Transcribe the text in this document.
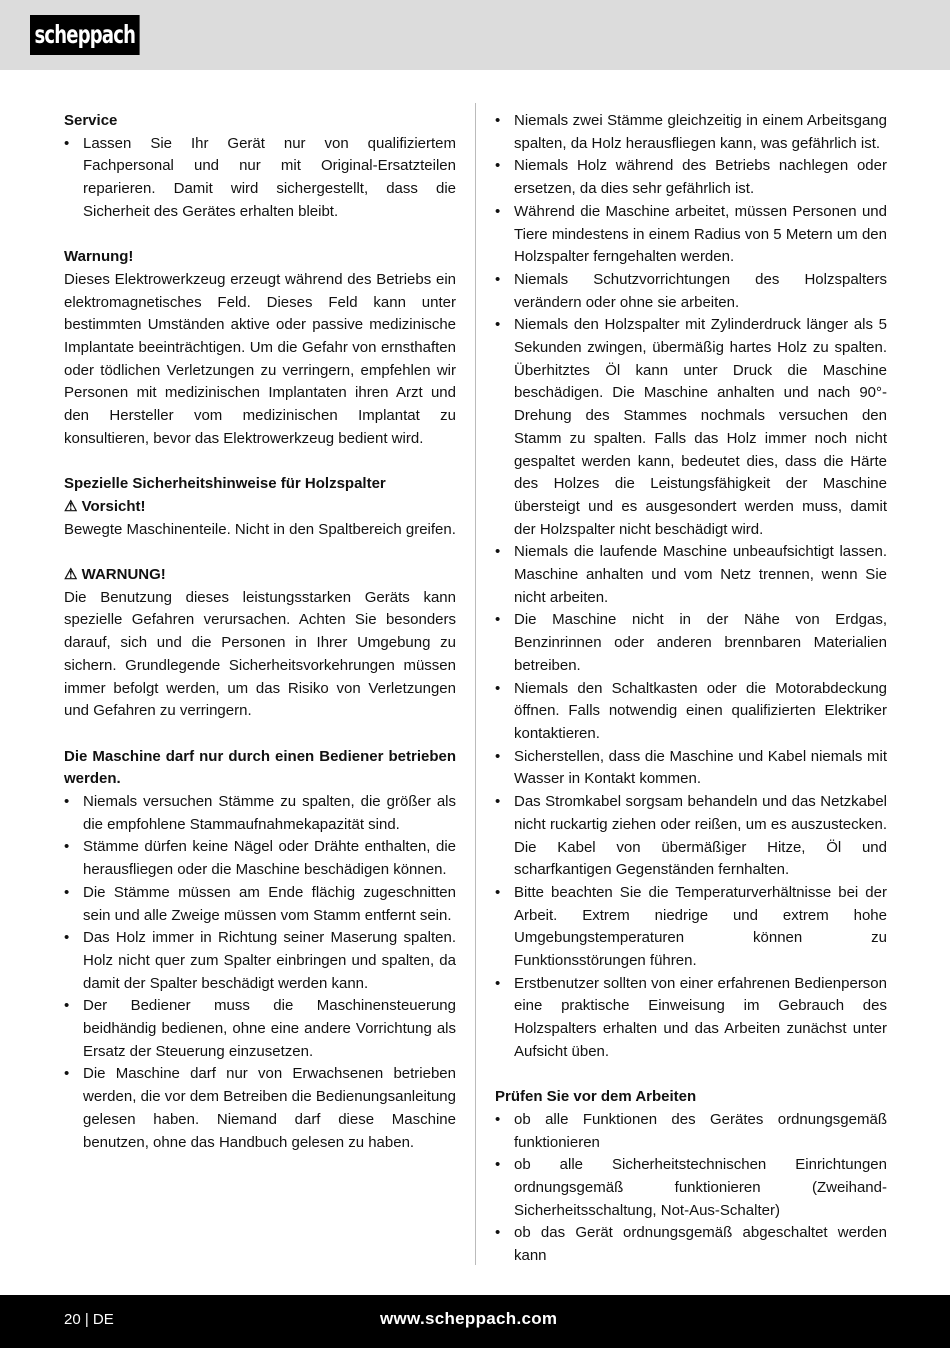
scheppach
Service
• Lassen Sie Ihr Gerät nur von qualifiziertem Fachpersonal und nur mit Original-Ersatzteilen reparieren. Damit wird sichergestellt, dass die Sicherheit des Gerätes erhalten bleibt.
Warnung!
Dieses Elektrowerkzeug erzeugt während des Betriebs ein elektromagnetisches Feld. Dieses Feld kann unter bestimmten Umständen aktive oder passive medizinische Implantate beeinträchtigen. Um die Gefahr von ernsthaften oder tödlichen Verletzungen zu verringern, empfehlen wir Personen mit medizinischen Implantaten ihren Arzt und den Hersteller vom medizinischen Implantat zu konsultieren, bevor das Elektrowerkzeug bedient wird.
Spezielle Sicherheitshinweise für Holzspalter
⚠ Vorsicht!
Bewegte Maschinenteile. Nicht in den Spaltbereich greifen.
⚠ WARNUNG!
Die Benutzung dieses leistungsstarken Geräts kann spezielle Gefahren verursachen. Achten Sie besonders darauf, sich und die Personen in Ihrer Umgebung zu sichern. Grundlegende Sicherheitsvorkehrungen müssen immer befolgt werden, um das Risiko von Verletzungen und Gefahren zu verringern.
Die Maschine darf nur durch einen Bediener betrieben werden.
• Niemals versuchen Stämme zu spalten, die größer als die empfohlene Stammaufnahmekapazität sind.
• Stämme dürfen keine Nägel oder Drähte enthalten, die herausfliegen oder die Maschine beschädigen können.
• Die Stämme müssen am Ende flächig zugeschnitten sein und alle Zweige müssen vom Stamm entfernt sein.
• Das Holz immer in Richtung seiner Maserung spalten. Holz nicht quer zum Spalter einbringen und spalten, da damit der Spalter beschädigt werden kann.
• Der Bediener muss die Maschinensteuerung beidhändig bedienen, ohne eine andere Vorrichtung als Ersatz der Steuerung einzusetzen.
• Die Maschine darf nur von Erwachsenen betrieben werden, die vor dem Betreiben die Bedienungsanleitung gelesen haben. Niemand darf diese Maschine benutzen, ohne das Handbuch gelesen zu haben.
• Niemals zwei Stämme gleichzeitig in einem Arbeitsgang spalten, da Holz herausfliegen kann, was gefährlich ist.
• Niemals Holz während des Betriebs nachlegen oder ersetzen, da dies sehr gefährlich ist.
• Während die Maschine arbeitet, müssen Personen und Tiere mindestens in einem Radius von 5 Metern um den Holzspalter ferngehalten werden.
• Niemals Schutzvorrichtungen des Holzspalters verändern oder ohne sie arbeiten.
• Niemals den Holzspalter mit Zylinderdruck länger als 5 Sekunden zwingen, übermäßig hartes Holz zu spalten. Überhitztes Öl kann unter Druck die Maschine beschädigen. Die Maschine anhalten und nach 90°-Drehung des Stammes nochmals versuchen den Stamm zu spalten. Falls das Holz immer noch nicht gespaltet werden kann, bedeutet dies, dass die Härte des Holzes die Leistungsfähigkeit der Maschine übersteigt und es ausgesondert werden muss, damit der Holzspalter nicht beschädigt wird.
• Niemals die laufende Maschine unbeaufsichtigt lassen. Maschine anhalten und vom Netz trennen, wenn Sie nicht arbeiten.
• Die Maschine nicht in der Nähe von Erdgas, Benzinrinnen oder anderen brennbaren Materialien betreiben.
• Niemals den Schaltkasten oder die Motorabdeckung öffnen. Falls notwendig einen qualifizierten Elektriker kontaktieren.
• Sicherstellen, dass die Maschine und Kabel niemals mit Wasser in Kontakt kommen.
• Das Stromkabel sorgsam behandeln und das Netzkabel nicht ruckartig ziehen oder reißen, um es auszustecken. Die Kabel von übermäßiger Hitze, Öl und scharfkantigen Gegenständen fernhalten.
• Bitte beachten Sie die Temperaturverhältnisse bei der Arbeit. Extrem niedrige und extrem hohe Umgebungstemperaturen können zu Funktionsstörungen führen.
• Erstbenutzer sollten von einer erfahrenen Bedienperson eine praktische Einweisung im Gebrauch des Holzspalters erhalten und das Arbeiten zunächst unter Aufsicht üben.
Prüfen Sie vor dem Arbeiten
• ob alle Funktionen des Gerätes ordnungsgemäß funktionieren
• ob alle Sicherheitstechnischen Einrichtungen ordnungsgemäß funktionieren (Zweihand- Sicherheitsschaltung, Not-Aus-Schalter)
• ob das Gerät ordnungsgemäß abgeschaltet werden kann
20 | DE	www.scheppach.com
